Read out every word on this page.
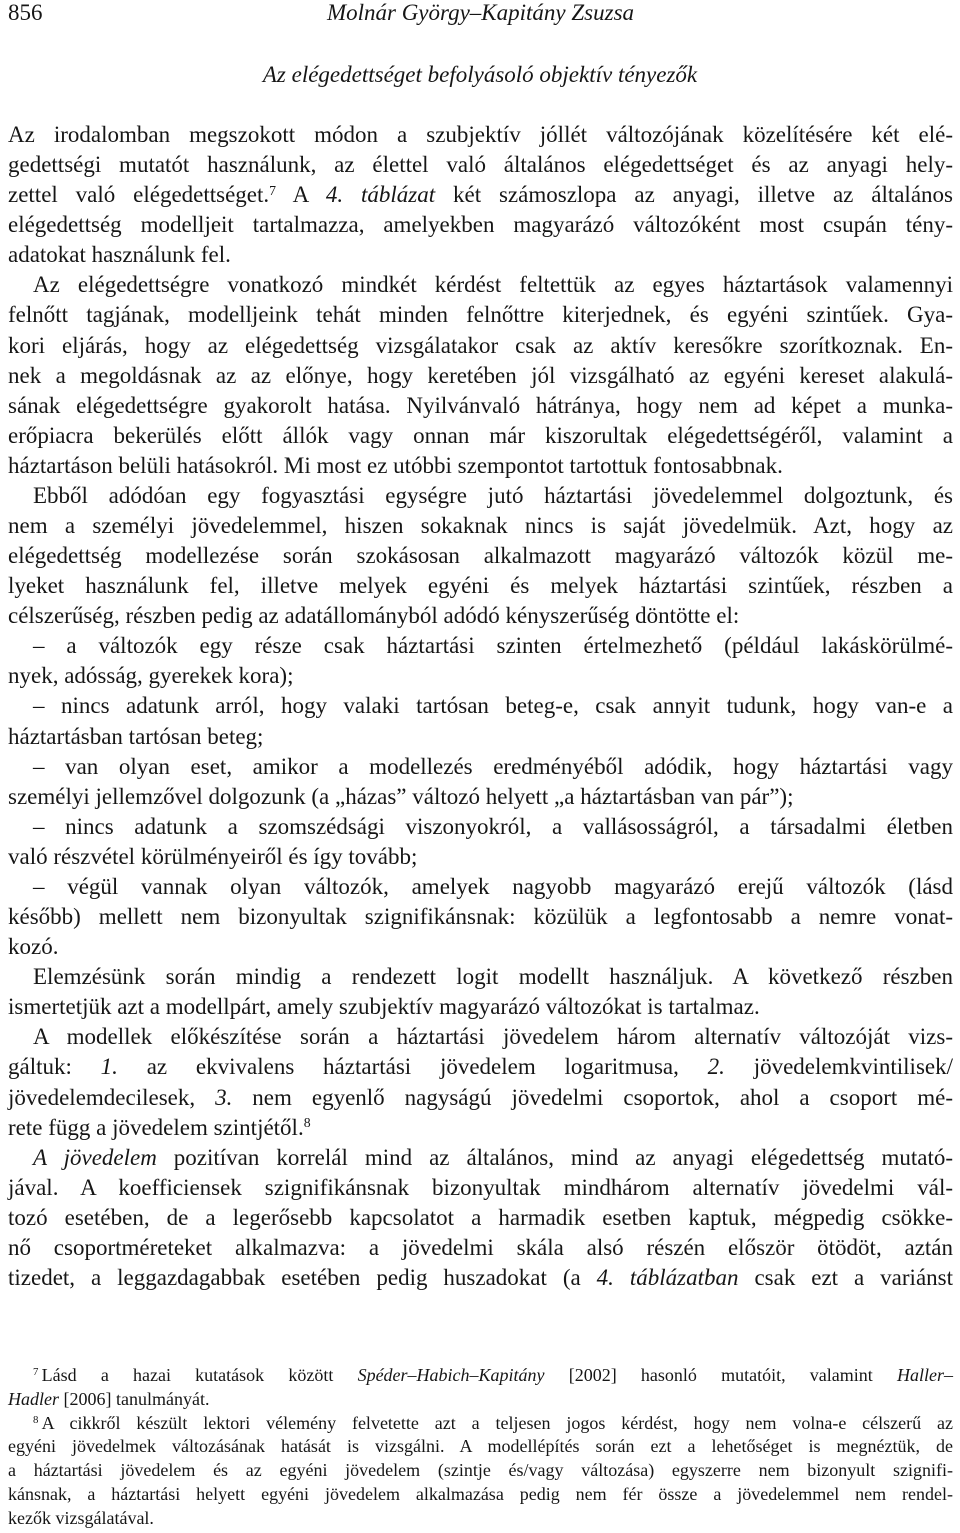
856	Molnár György–Kapitány Zsuzsa
Az elégedettséget befolyásoló objektív tényezők
Az irodalomban megszokott módon a szubjektív jóllét változójának közelítésére két elé-
gedettségi mutatót használunk, az élettel való általános elégedettséget és az anyagi hely-
zettel való elégedettséget.$^7$ A 4. táblázat két számoszlopa az anyagi, illetve az általános
elégedettség modelljeit tartalmazza, amelyekben magyarázó változóként most csupán tény-
adatokat használunk fel.
Az elégedettségre vonatkozó mindkét kérdést feltettük az egyes háztartások valamennyi
felnőtt tagjának, modelljeink tehát minden felnőttre kiterjednek, és egyéni szintűek. Gya-
kori eljárás, hogy az elégedettség vizsgálatakor csak az aktív keresőkre szorítkoznak. En-
nek a megoldásnak az az előnye, hogy keretében jól vizsgálható az egyéni kereset alakulá-
sának elégedettségre gyakorolt hatása. Nyilvánvaló hátránya, hogy nem ad képet a munka-
erőpiacra bekerülés előtt állók vagy onnan már kiszorultak elégedettségéről, valamint a
háztartáson belüli hatásokról. Mi most ez utóbbi szempontot tartottuk fontosabbnak.
Ebből adódóan egy fogyasztási egységre jutó háztartási jövedelemmel dolgoztunk, és
nem a személyi jövedelemmel, hiszen sokaknak nincs is saját jövedelmük. Azt, hogy az
elégedettség modellezése során szokásosan alkalmazott magyarázó változók közül me-
lyeket használunk fel, illetve melyek egyéni és melyek háztartási szintűek, részben a
célszerűség, részben pedig az adatállományból adódó kényszerűség döntötte el:
– a változók egy része csak háztartási szinten értelmezhető (például lakáskörülmé-
nyek, adósság, gyerekek kora);
– nincs adatunk arról, hogy valaki tartósan beteg-e, csak annyit tudunk, hogy van-e a
háztartásban tartósan beteg;
– van olyan eset, amikor a modellezés eredményéből adódik, hogy háztartási vagy
személyi jellemzővel dolgozunk (a „házas” változó helyett „a háztartásban van pár”);
– nincs adatunk a szomszédsági viszonyokról, a vallásosságról, a társadalmi életben
való részvétel körülményeiről és így tovább;
– végül vannak olyan változók, amelyek nagyobb magyarázó erejű változók (lásd
később) mellett nem bizonyultak szignifikánsnak: közülük a legfontosabb a nemre vonat-
kozó.
Elemzésünk során mindig a rendezett logit modellt használjuk. A következő részben
ismertetjük azt a modellpárt, amely szubjektív magyarázó változókat is tartalmaz.
A modellek előkészítése során a háztartási jövedelem három alternatív változóját vizs-
gáltuk: 1. az ekvivalens háztartási jövedelem logaritmusa, 2. jövedelemkvintilisek/
jövedelemdecilesek, 3. nem egyenlő nagyságú jövedelmi csoportok, ahol a csoport mé-
rete függ a jövedelem szintjétől.$^8$
A jövedelem pozitívan korrelál mind az általános, mind az anyagi elégedettség mutató-
jával. A koefficiensek szignifikánsnak bizonyultak mindhárom alternatív jövedelmi vál-
tozó esetében, de a legerősebb kapcsolatot a harmadik esetben kaptuk, mégpedig csökke-
nő csoportméreteket alkalmazva: a jövedelmi skála alsó részén először ötödöt, aztán
tizedet, a leggazdagabbak esetében pedig huszadokat (a 4. táblázatban csak ezt a variánst
$^7$ Lásd a hazai kutatások között Spéder–Habich–Kapitány [2002] hasonló mutatóit, valamint Haller–
Hadler [2006] tanulmányát.
$^8$ A cikkről készült lektori vélemény felvetette azt a teljesen jogos kérdést, hogy nem volna-e célszerű az
egyéni jövedelmek változásának hatását is vizsgálni. A modellépítés során ezt a lehetőséget is megnéztük, de
a háztartási jövedelem és az egyéni jövedelem (szintje és/vagy változása) egyszerre nem bizonyult szignifi-
kánsnak, a háztartási helyett egyéni jövedelem alkalmazása pedig nem fér össze a jövedelemmel nem rendel-
kezők vizsgálatával.
